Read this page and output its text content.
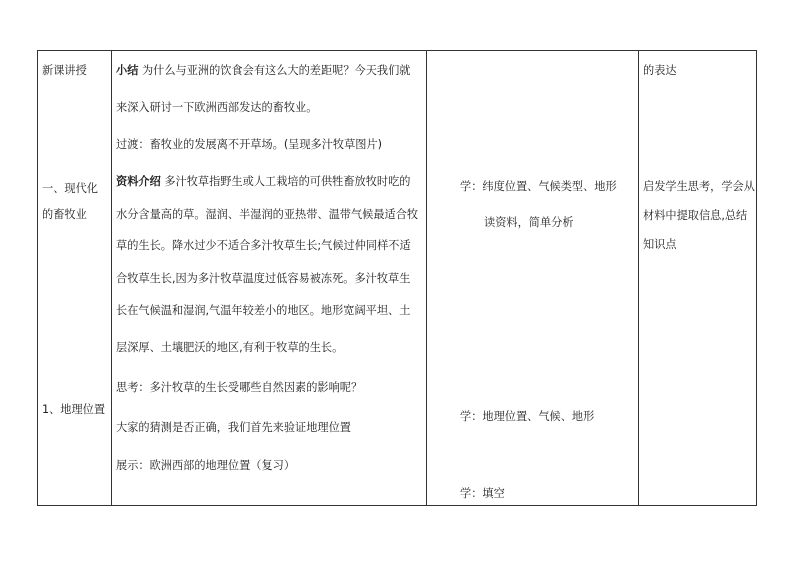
新课讲授
一、现代化
的畜牧业
1、地理位置
小结 为什么与亚洲的饮食会有这么大的差距呢？今天我们就
来深入研讨一下欧洲西部发达的畜牧业。
过渡：畜牧业的发展离不开草场。(呈现多汁牧草图片)
资料介绍 多汁牧草指野生或人工栽培的可供牲畜放牧时吃的
水分含量高的草。湿润、半湿润的亚热带、温带气候最适合牧
草的生长。降水过少不适合多汁牧草生长;气候过仲同样不适
合牧草生长,因为多汁牧草温度过低容易被冻死。多汁牧草生
长在气候温和湿润,气温年较差小的地区。地形宽阔平坦、土
层深厚、土壤肥沃的地区,有利于牧草的生长。
思考：多汁牧草的生长受哪些自然因素的影响呢？
大家的猜测是否正确，我们首先来验证地理位置
展示：欧洲西部的地理位置（复习）
学：纬度位置、气候类型、地形
读资料，简单分析
学：地理位置、气候、地形
学：填空
的表达
启发学生思考，学会从
材料中提取信息,总结
知识点
